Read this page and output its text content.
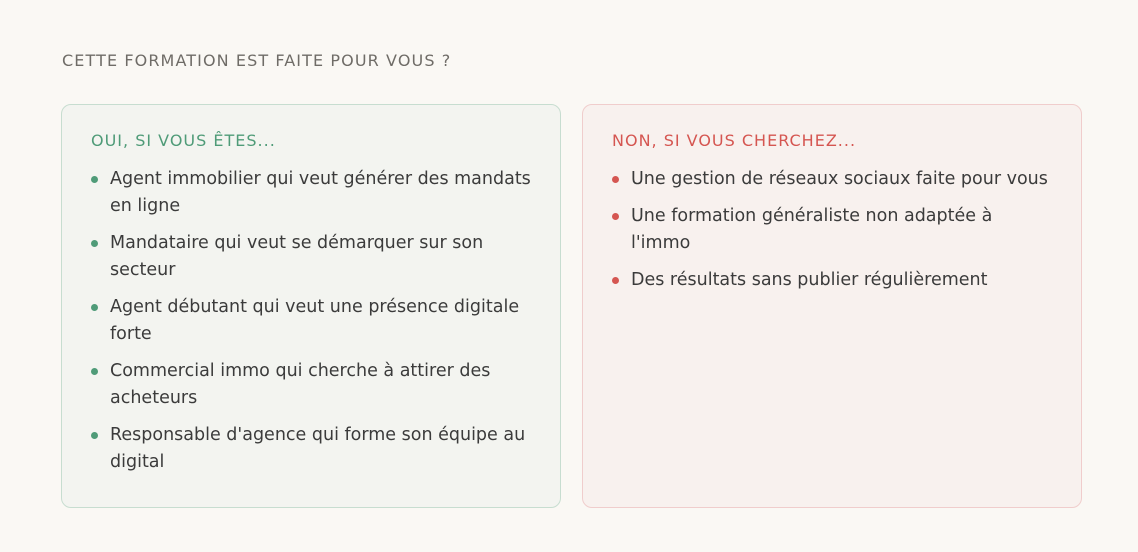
CETTE FORMATION EST FAITE POUR VOUS ?
OUI, SI VOUS ÊTES...
Agent immobilier qui veut générer des mandats en ligne
Mandataire qui veut se démarquer sur son secteur
Agent débutant qui veut une présence digitale forte
Commercial immo qui cherche à attirer des acheteurs
Responsable d'agence qui forme son équipe au digital
NON, SI VOUS CHERCHEZ...
Une gestion de réseaux sociaux faite pour vous
Une formation généraliste non adaptée à l'immo
Des résultats sans publier régulièrement
